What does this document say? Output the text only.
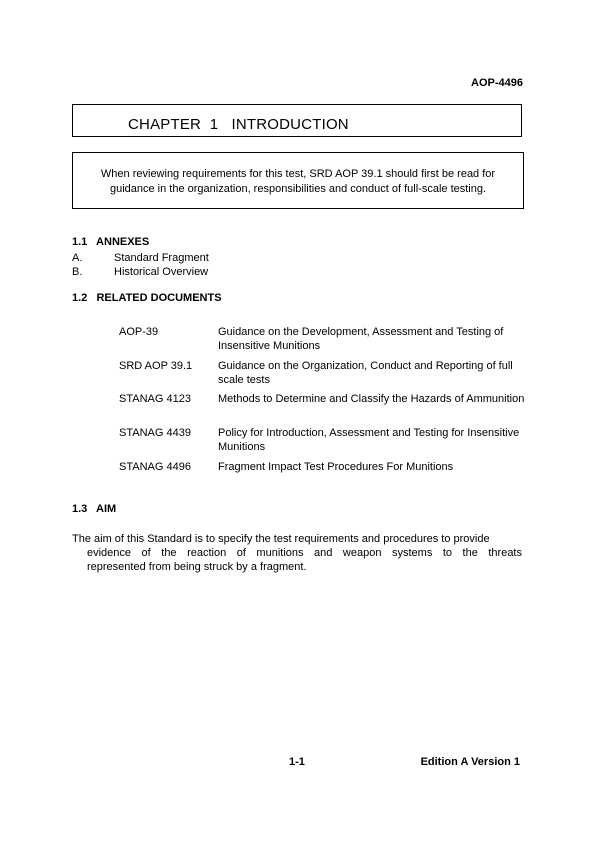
AOP-4496
CHAPTER  1   INTRODUCTION
When reviewing requirements for this test, SRD AOP 39.1 should first be read for
guidance in the organization, responsibilities and conduct of full-scale testing.
1.1   ANNEXES
A.	Standard Fragment
B.	Historical Overview
1.2   RELATED DOCUMENTS
AOP-39	Guidance on the Development, Assessment and Testing of Insensitive Munitions
SRD AOP 39.1 Guidance on the Organization, Conduct and Reporting of full scale tests
STANAG 4123 Methods to Determine and Classify the Hazards of Ammunition
STANAG 4439 Policy for Introduction, Assessment and Testing for Insensitive Munitions
STANAG 4496 Fragment Impact Test Procedures For Munitions
1.3   AIM
The aim of this Standard is to specify the test requirements and procedures to provide
evidence of the reaction of munitions and weapon systems to the threats
represented from being struck by a fragment.
1-1	Edition A Version 1
